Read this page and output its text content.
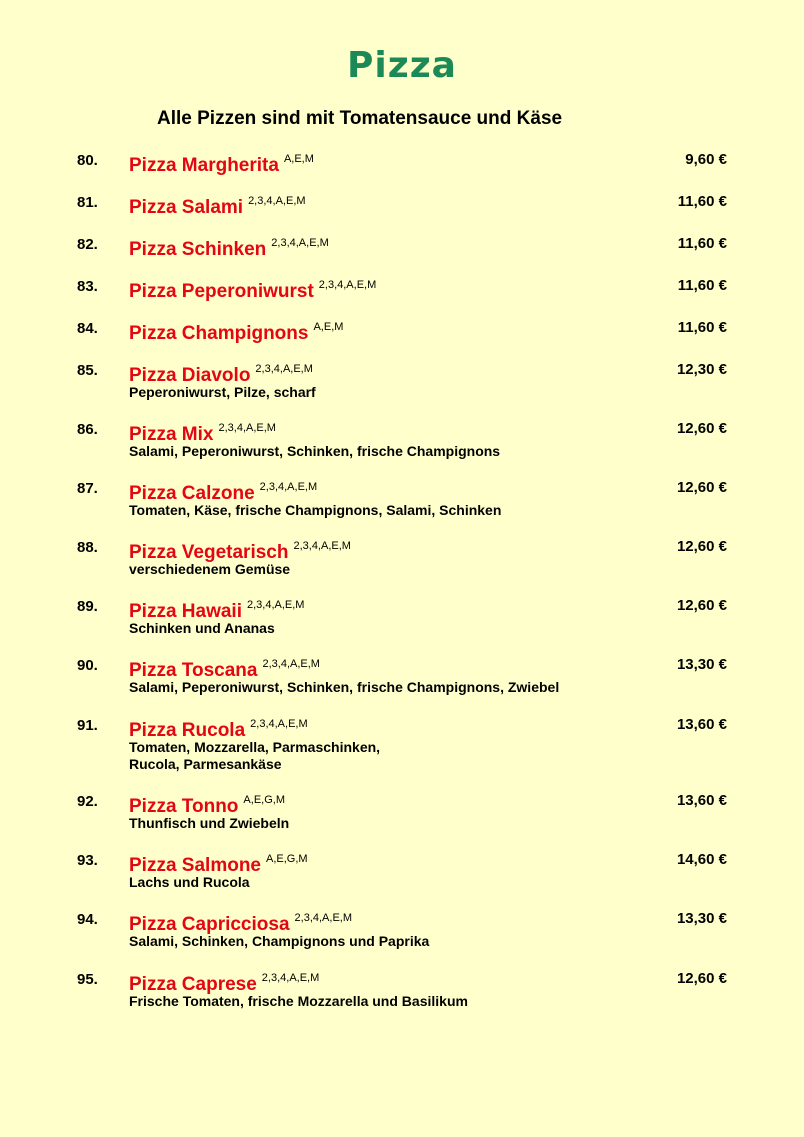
Pizza
Alle Pizzen sind mit Tomatensauce und Käse
80. Pizza Margherita $^{A,E,M}$	9,60 €
81. Pizza Salami $^{2,3,4,A,E,M}$	11,60 €
82. Pizza Schinken $^{2,3,4,A,E,M}$	11,60 €
83. Pizza Peperoniwurst $^{2,3,4,A,E,M}$	11,60 €
84. Pizza Champignons $^{A,E,M}$	11,60 €
85. Pizza Diavolo $^{2,3,4,A,E,M}$	12,30 €
Peperoniwurst, Pilze, scharf
86. Pizza Mix $^{2,3,4,A,E,M}$	12,60 €
Salami, Peperoniwurst, Schinken, frische Champignons
87. Pizza Calzone $^{2,3,4,A,E,M}$	12,60 €
Tomaten, Käse, frische Champignons, Salami, Schinken
88. Pizza Vegetarisch $^{2,3,4,A,E,M}$	12,60 €
verschiedenem Gemüse
89. Pizza Hawaii $^{2,3,4,A,E,M}$	12,60 €
Schinken und Ananas
90. Pizza Toscana $^{2,3,4,A,E,M}$	13,30 €
Salami, Peperoniwurst, Schinken, frische Champignons, Zwiebel
91. Pizza Rucola $^{2,3,4,A,E,M}$	13,60 €
Tomaten, Mozzarella, Parmaschinken,
Rucola, Parmesankäse
92. Pizza Tonno $^{A,E,G,M}$	13,60 €
Thunfisch und Zwiebeln
93. Pizza Salmone $^{A,E,G,M}$	14,60 €
Lachs und Rucola
94. Pizza Capricciosa $^{2,3,4,A,E,M}$	13,30 €
Salami, Schinken, Champignons und Paprika
95. Pizza Caprese $^{2,3,4,A,E,M}$	12,60 €
Frische Tomaten, frische Mozzarella und Basilikum
